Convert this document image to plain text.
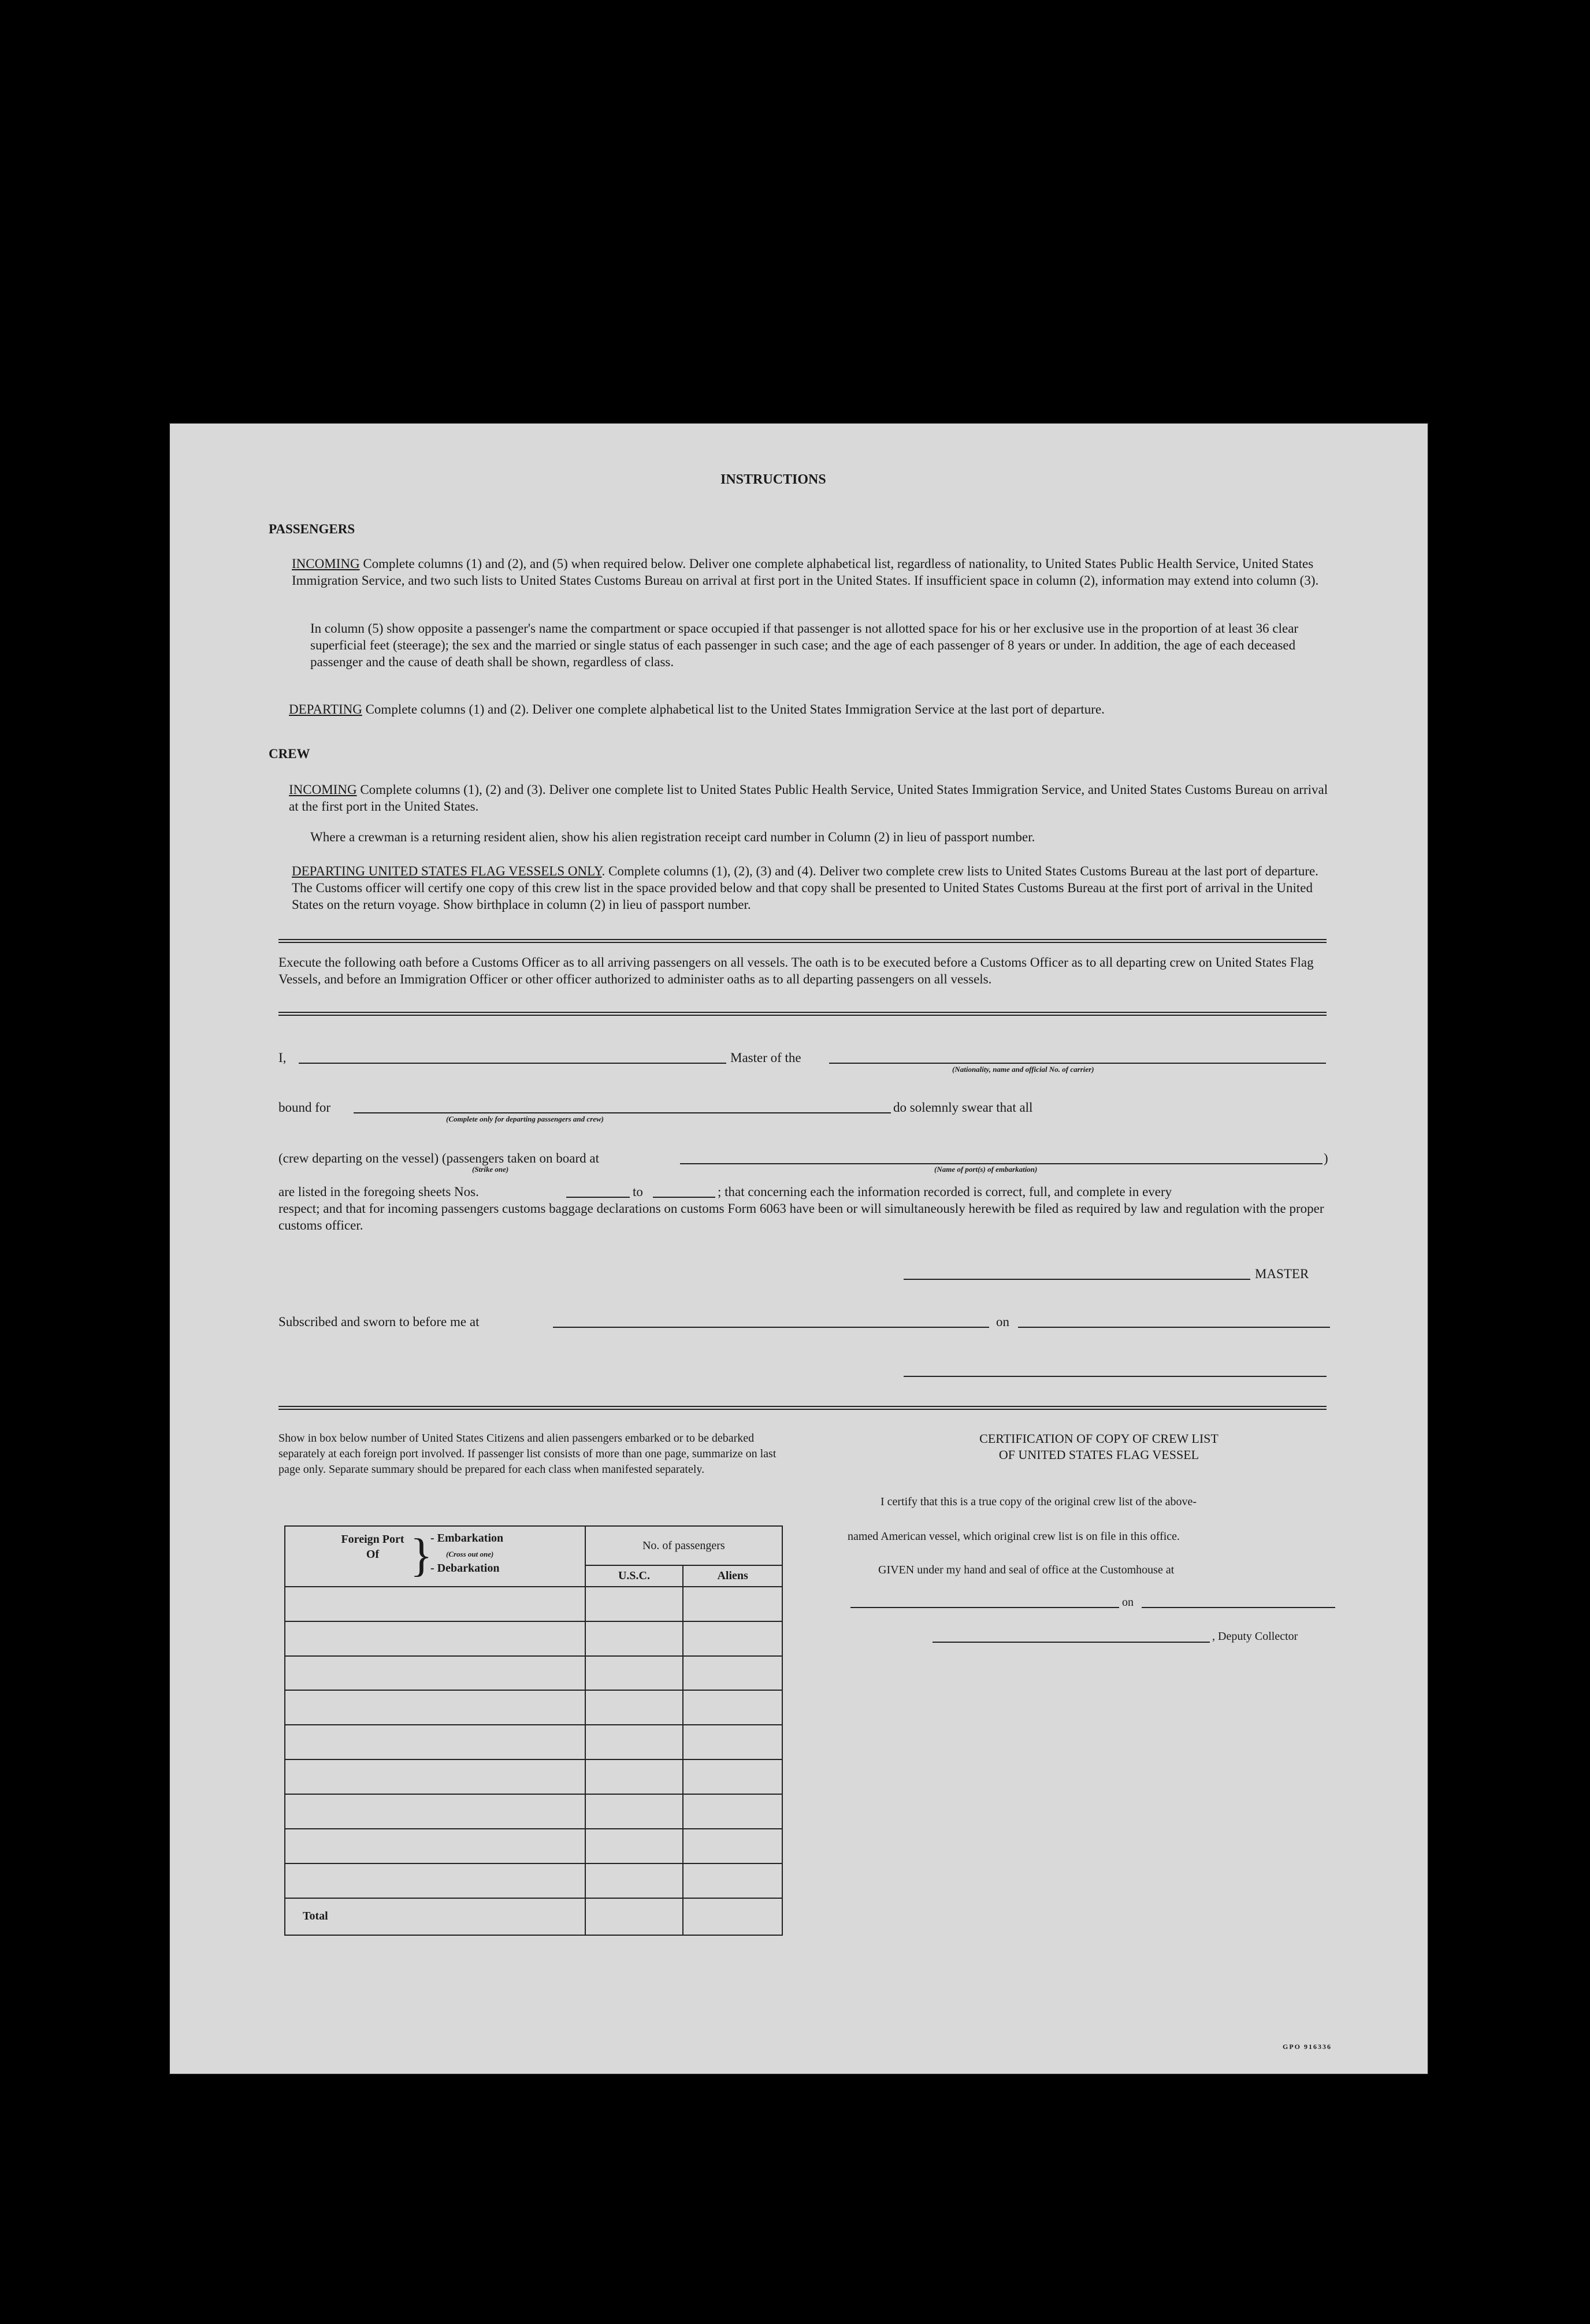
INSTRUCTIONS
PASSENGERS
INCOMING Complete columns (1) and (2), and (5) when required below. Deliver one complete alphabetical list, regardless of nationality, to United States Public Health Service, United States Immigration Service, and two such lists to United States Customs Bureau on arrival at first port in the United States. If insufficient space in column (2), information may extend into column (3).
In column (5) show opposite a passenger's name the compartment or space occupied if that passenger is not allotted space for his or her exclusive use in the proportion of at least 36 clear superficial feet (steerage); the sex and the married or single status of each passenger in such case; and the age of each passenger of 8 years or under. In addition, the age of each deceased passenger and the cause of death shall be shown, regardless of class.
DEPARTING Complete columns (1) and (2). Deliver one complete alphabetical list to the United States Immigration Service at the last port of departure.
CREW
INCOMING Complete columns (1), (2) and (3). Deliver one complete list to United States Public Health Service, United States Immigration Service, and United States Customs Bureau on arrival at the first port in the United States.
Where a crewman is a returning resident alien, show his alien registration receipt card number in Column (2) in lieu of passport number.
DEPARTING UNITED STATES FLAG VESSELS ONLY. Complete columns (1), (2), (3) and (4). Deliver two complete crew lists to United States Customs Bureau at the last port of departure. The Customs officer will certify one copy of this crew list in the space provided below and that copy shall be presented to United States Customs Bureau at the first port of arrival in the United States on the return voyage. Show birthplace in column (2) in lieu of passport number.
Execute the following oath before a Customs Officer as to all arriving passengers on all vessels. The oath is to be executed before a Customs Officer as to all departing crew on United States Flag Vessels, and before an Immigration Officer or other officer authorized to administer oaths as to all departing passengers on all vessels.
I,	Master of the
(Nationality, name and official No. of carrier)
bound for
(Complete only for departing passengers and crew)
do solemnly swear that all
(crew departing on the vessel) (passengers taken on board at	)
(Strike one)	(Name of port(s) of embarkation)
are listed in the foregoing sheets Nos.	to	; that concerning each the information recorded is correct, full, and complete in every
respect; and that for incoming passengers customs baggage declarations on customs Form 6063 have been or will simultaneously herewith be filed as required by law and regulation with the proper customs officer.
MASTER
Subscribed and sworn to before me at	on
Show in box below number of United States Citizens and alien passengers embarked or to be debarked separately at each foreign port involved. If passenger list consists of more than one page, summarize on last page only. Separate summary should be prepared for each class when manifested separately.
Foreign Port Of }
- Embarkation
(Cross out one)
- Debarkation	No. of passengers	
	U.S.C.	Aliens

Total		
CERTIFICATION OF COPY OF CREW LIST
OF UNITED STATES FLAG VESSEL
I certify that this is a true copy of the original crew list of the above-
named American vessel, which original crew list is on file in this office.
GIVEN under my hand and seal of office at the Customhouse at
on
, Deputy Collector
GPO 916336
